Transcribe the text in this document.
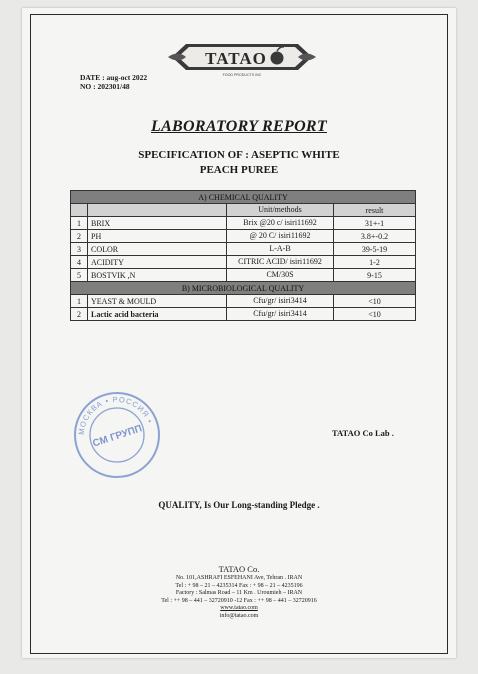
TATAO
FOOD PRODUCTS INC
DATE : aug-oct 2022
NO : 202301/48
LABORATORY REPORT
SPECIFICATION OF : ASEPTIC WHITE
PEACH PUREE
A) CHEMICAL QUALITY			
		Unit/methods	result
1	BRIX	Brix @20 c/ isiri11692	31+-1
2	PH	@ 20 C/ isiri11692	3.8+-0.2
3	COLOR	L-A-B	39-5-19
4	ACIDITY	CITRIC ACID/ isiri11692	1-2
5	BOSTVIK ,N	CM/30S	9-15
B) MICROBIOLOGICAL QUALITY			
1	YEAST & MOULD	Cfu/gr/ isiri3414	<10
2	Lactic acid bacteria	Cfu/gr/ isiri3414	<10
МОСКВА • РОССИЯ •
CM ГРУПП	TATAO Co Lab .
QUALITY, Is Our Long-standing Pledge .
TATAO Co.
No. 101,ASHRAFI ESFEHANI Ave, Tehran . IRAN
Tel : + 98 – 21 – 4235314 Fax : + 98 – 21 – 4235196
Factory : Salmas Road – 11 Km . Uroumieh – IRAN
Tel : ++ 98 – 441 – 32720910 -12 Fax : ++ 98 – 441 – 32720916
www.tatao.com
info@tatao.com
